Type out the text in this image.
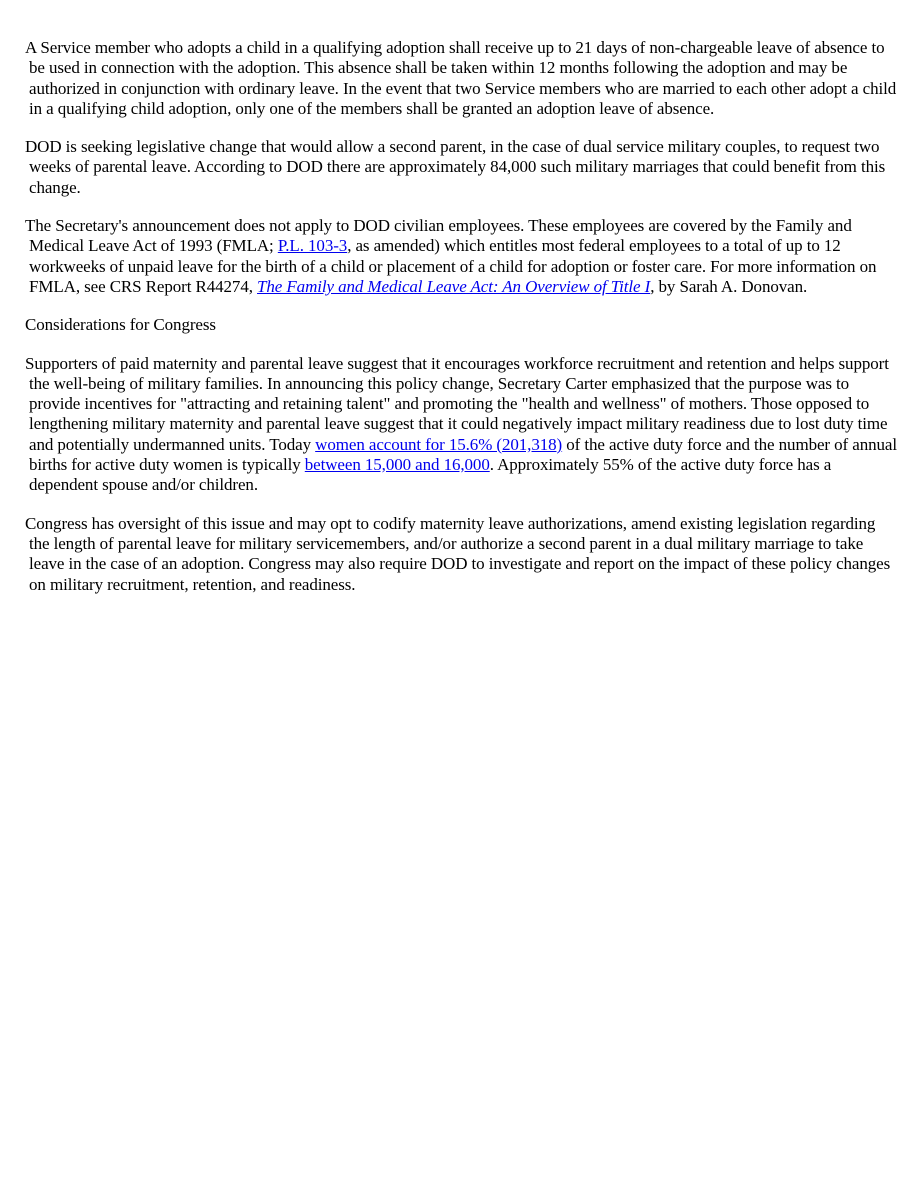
A Service member who adopts a child in a qualifying adoption shall receive up to 21 days of non-chargeable leave of absence to be used in connection with the adoption. This absence shall be taken within 12 months following the adoption and may be authorized in conjunction with ordinary leave. In the event that two Service members who are married to each other adopt a child in a qualifying child adoption, only one of the members shall be granted an adoption leave of absence.

DOD is seeking legislative change that would allow a second parent, in the case of dual service military couples, to request two weeks of parental leave. According to DOD there are approximately 84,000 such military marriages that could benefit from this change.

The Secretary's announcement does not apply to DOD civilian employees. These employees are covered by the Family and Medical Leave Act of 1993 (FMLA; P.L. 103-3, as amended) which entitles most federal employees to a total of up to 12 workweeks of unpaid leave for the birth of a child or placement of a child for adoption or foster care. For more information on FMLA, see CRS Report R44274, The Family and Medical Leave Act: An Overview of Title I, by Sarah A. Donovan.

Considerations for Congress

Supporters of paid maternity and parental leave suggest that it encourages workforce recruitment and retention and helps support the well-being of military families. In announcing this policy change, Secretary Carter emphasized that the purpose was to provide incentives for "attracting and retaining talent" and promoting the "health and wellness" of mothers. Those opposed to lengthening military maternity and parental leave suggest that it could negatively impact military readiness due to lost duty time and potentially undermanned units. Today women account for 15.6% (201,318) of the active duty force and the number of annual births for active duty women is typically between 15,000 and 16,000. Approximately 55% of the active duty force has a dependent spouse and/or children.

Congress has oversight of this issue and may opt to codify maternity leave authorizations, amend existing legislation regarding the length of parental leave for military servicemembers, and/or authorize a second parent in a dual military marriage to take leave in the case of an adoption. Congress may also require DOD to investigate and report on the impact of these policy changes on military recruitment, retention, and readiness.
